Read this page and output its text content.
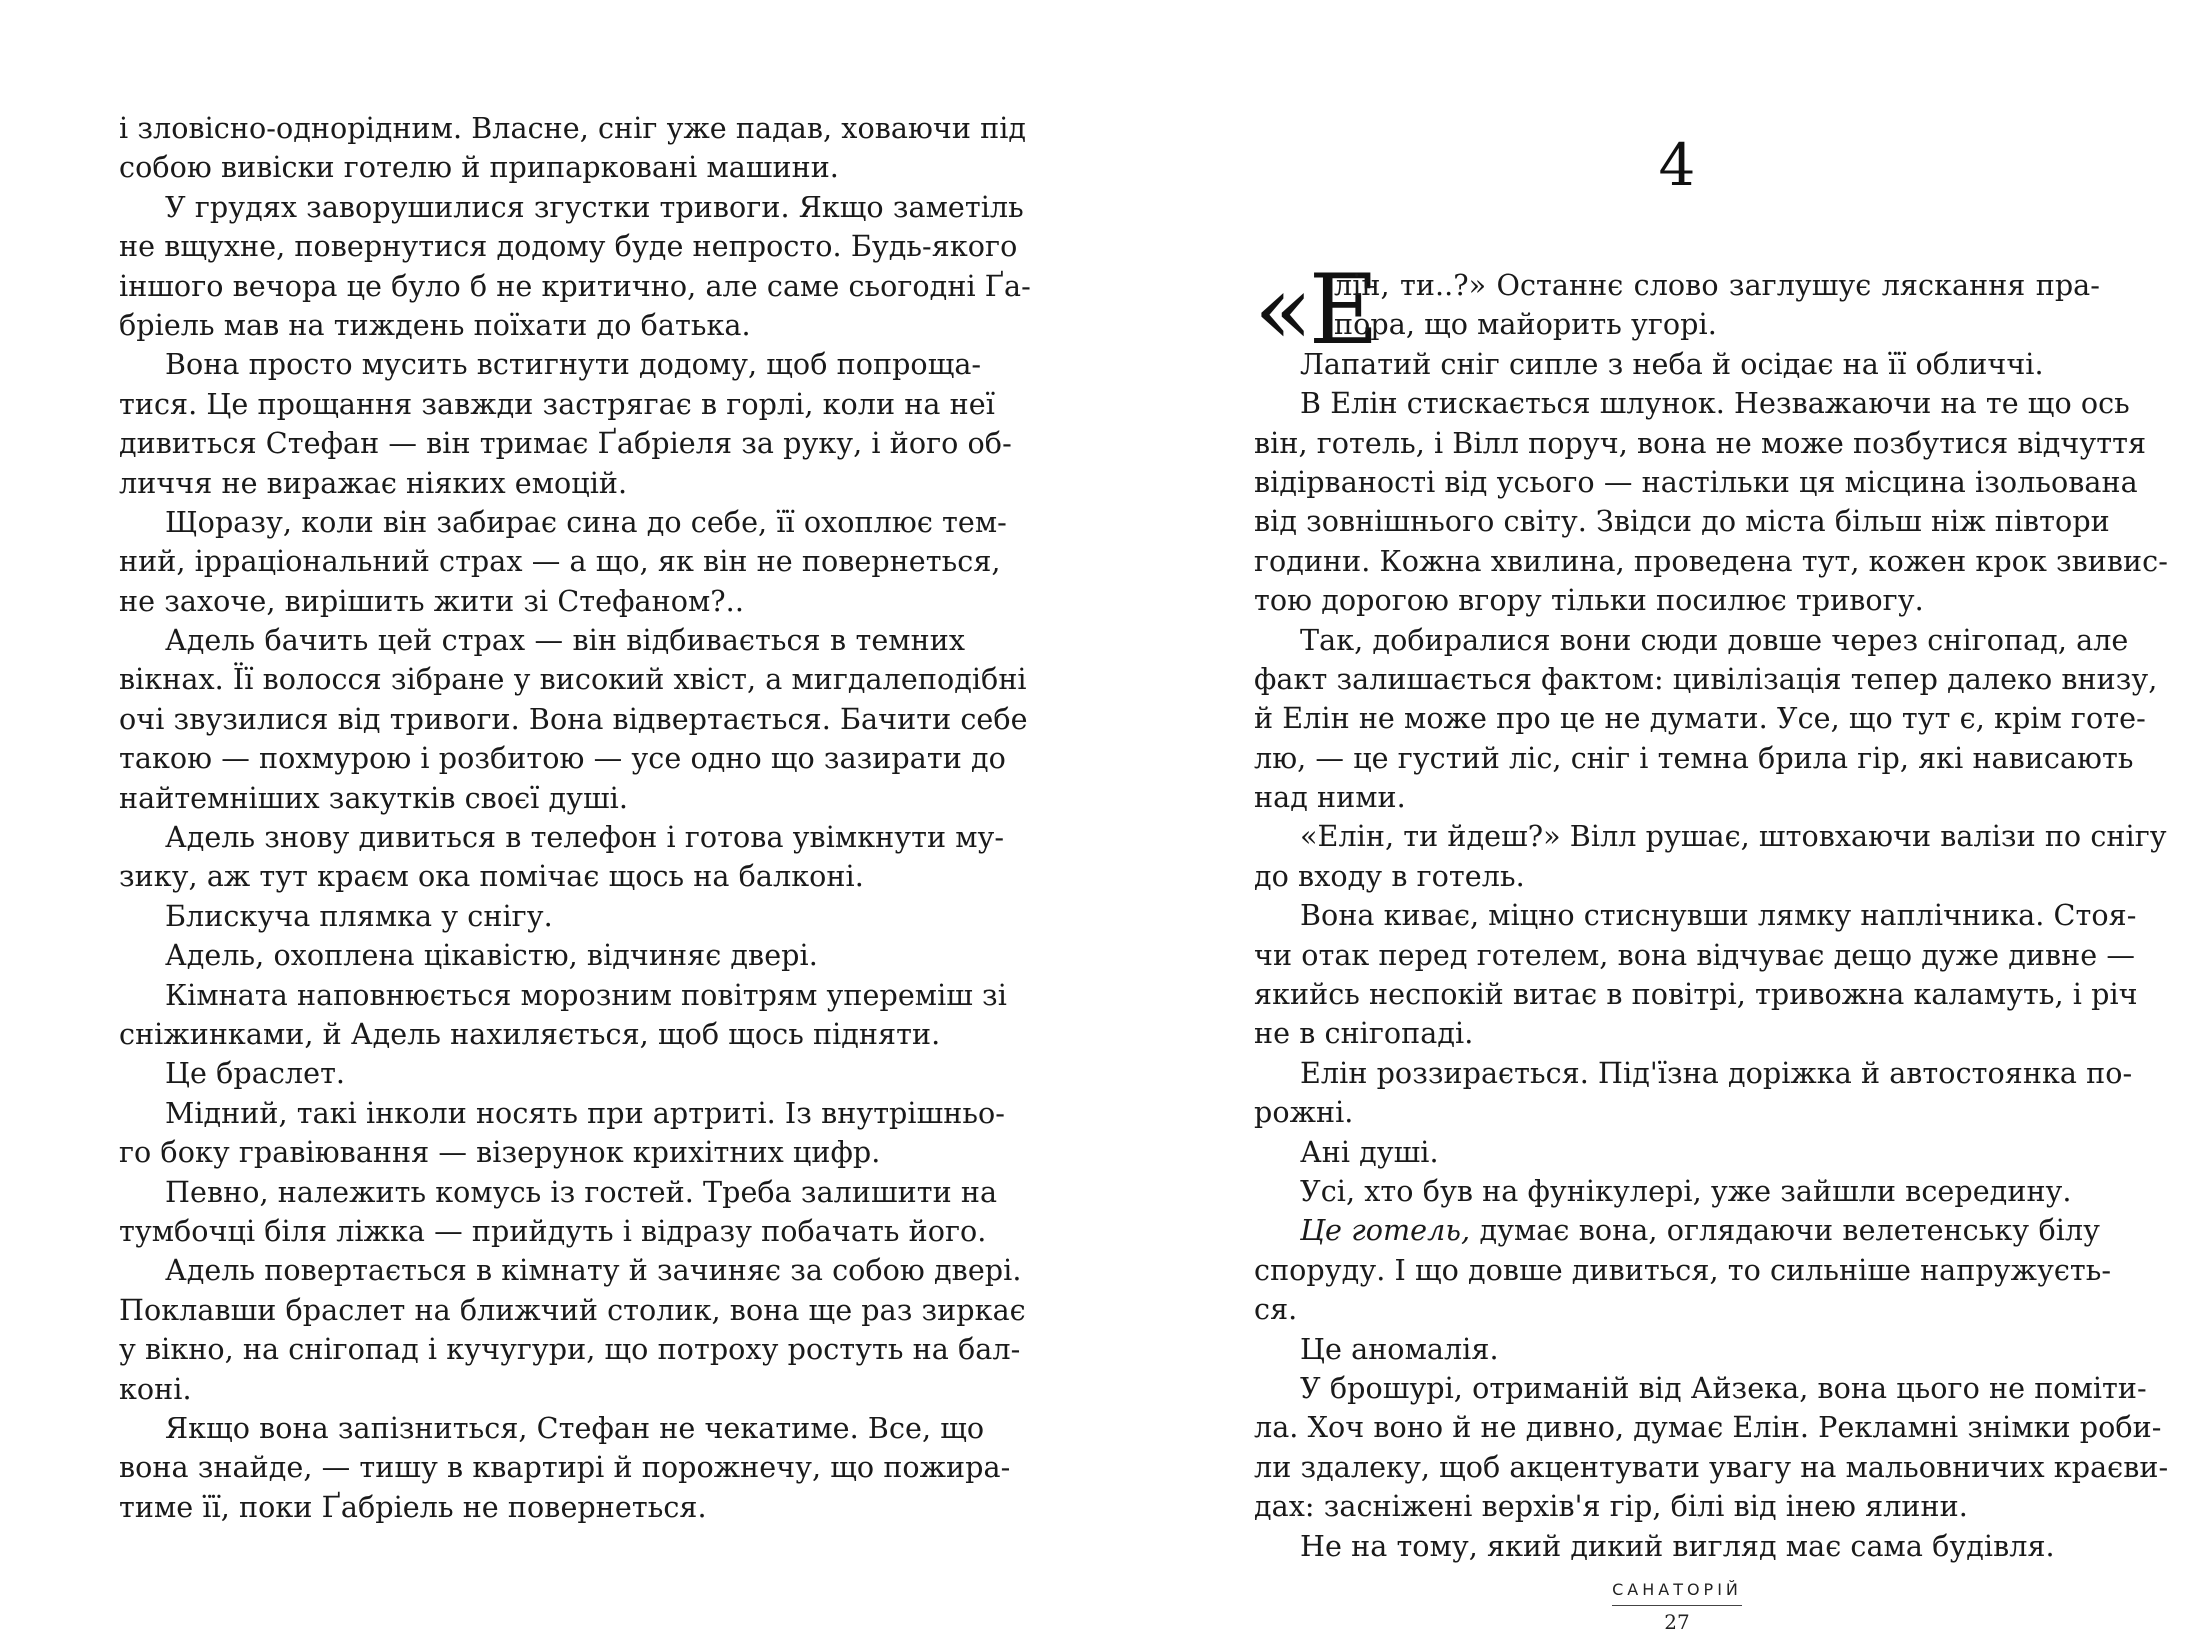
і зловісно-однорідним. Власне, сніг уже падав, ховаючи під
собою вивіски готелю й припарковані машини.
У грудях заворушилися згустки тривоги. Якщо заметіль
не вщухне, повернутися додому буде непросто. Будь-якого
іншого вечора це було б не критично, але саме сьогодні Ґа-
бріель мав на тиждень поїхати до батька.
Вона просто мусить встигнути додому, щоб попроща-
тися. Це прощання завжди застрягає в горлі, коли на неї
дивиться Стефан — він тримає Ґабріеля за руку, і його об-
личчя не виражає ніяких емоцій.
Щоразу, коли він забирає сина до себе, її охоплює тем-
ний, ірраціональний страх — а що, як він не повернеться,
не захоче, вирішить жити зі Стефаном?..
Адель бачить цей страх — він відбивається в темних
вікнах. Її волосся зібране у високий хвіст, а мигдалеподібні
очі звузилися від тривоги. Вона відвертається. Бачити себе
такою — похмурою і розбитою — усе одно що зазирати до
найтемніших закутків своєї душі.
Адель знову дивиться в телефон і готова увімкнути му-
зику, аж тут краєм ока помічає щось на балконі.
Блискуча плямка у снігу.
Адель, охоплена цікавістю, відчиняє двері.
Кімната наповнюється морозним повітрям упереміш зі
сніжинками, й Адель нахиляється, щоб щось підняти.
Це браслет.
Мідний, такі інколи носять при артриті. Із внутрішньо-
го боку гравіювання — візерунок крихітних цифр.
Певно, належить комусь із гостей. Треба залишити на
тумбочці біля ліжка — прийдуть і відразу побачать його.
Адель повертається в кімнату й зачиняє за собою двері.
Поклавши браслет на ближчий столик, вона ще раз зиркає
у вікно, на снігопад і кучугури, що потроху ростуть на бал-
коні.
Якщо вона запізниться, Стефан не чекатиме. Все, що
вона знайде, — тишу в квартирі й порожнечу, що пожира-
тиме її, поки Ґабріель не повернеться.
4
«Е
лін, ти..?» Останнє слово заглушує ляскання пра-
пора, що майорить угорі.
Лапатий сніг сипле з неба й осідає на її обличчі.
В Елін стискається шлунок. Незважаючи на те що ось
він, готель, і Вілл поруч, вона не може позбутися відчуття
відірваності від усього — настільки ця місцина ізольована
від зовнішнього світу. Звідси до міста більш ніж півтори
години. Кожна хвилина, проведена тут, кожен крок звивис-
тою дорогою вгору тільки посилює тривогу.
Так, добиралися вони сюди довше через снігопад, але
факт залишається фактом: цивілізація тепер далеко внизу,
й Елін не може про це не думати. Усе, що тут є, крім готе-
лю, — це густий ліс, сніг і темна брила гір, які нависають
над ними.
«Елін, ти йдеш?» Вілл рушає, штовхаючи валізи по снігу
до входу в готель.
Вона киває, міцно стиснувши лямку наплічника. Стоя-
чи отак перед готелем, вона відчуває дещо дуже дивне —
якийсь неспокій витає в повітрі, тривожна каламуть, і річ
не в снігопаді.
Елін роззирається. Під'їзна доріжка й автостоянка по-
рожні.
Ані душі.
Усі, хто був на фунікулері, уже зайшли всередину.
Це готель, думає вона, оглядаючи велетенську білу
споруду. І що довше дивиться, то сильніше напружуєть-
ся.
Це аномалія.
У брошурі, отриманій від Айзека, вона цього не поміти-
ла. Хоч воно й не дивно, думає Елін. Рекламні знімки роби-
ли здалеку, щоб акцентувати увагу на мальовничих краєви-
дах: засніжені верхів'я гір, білі від інею ялини.
Не на тому, який дикий вигляд має сама будівля.
САНАТОРІЙ
27
